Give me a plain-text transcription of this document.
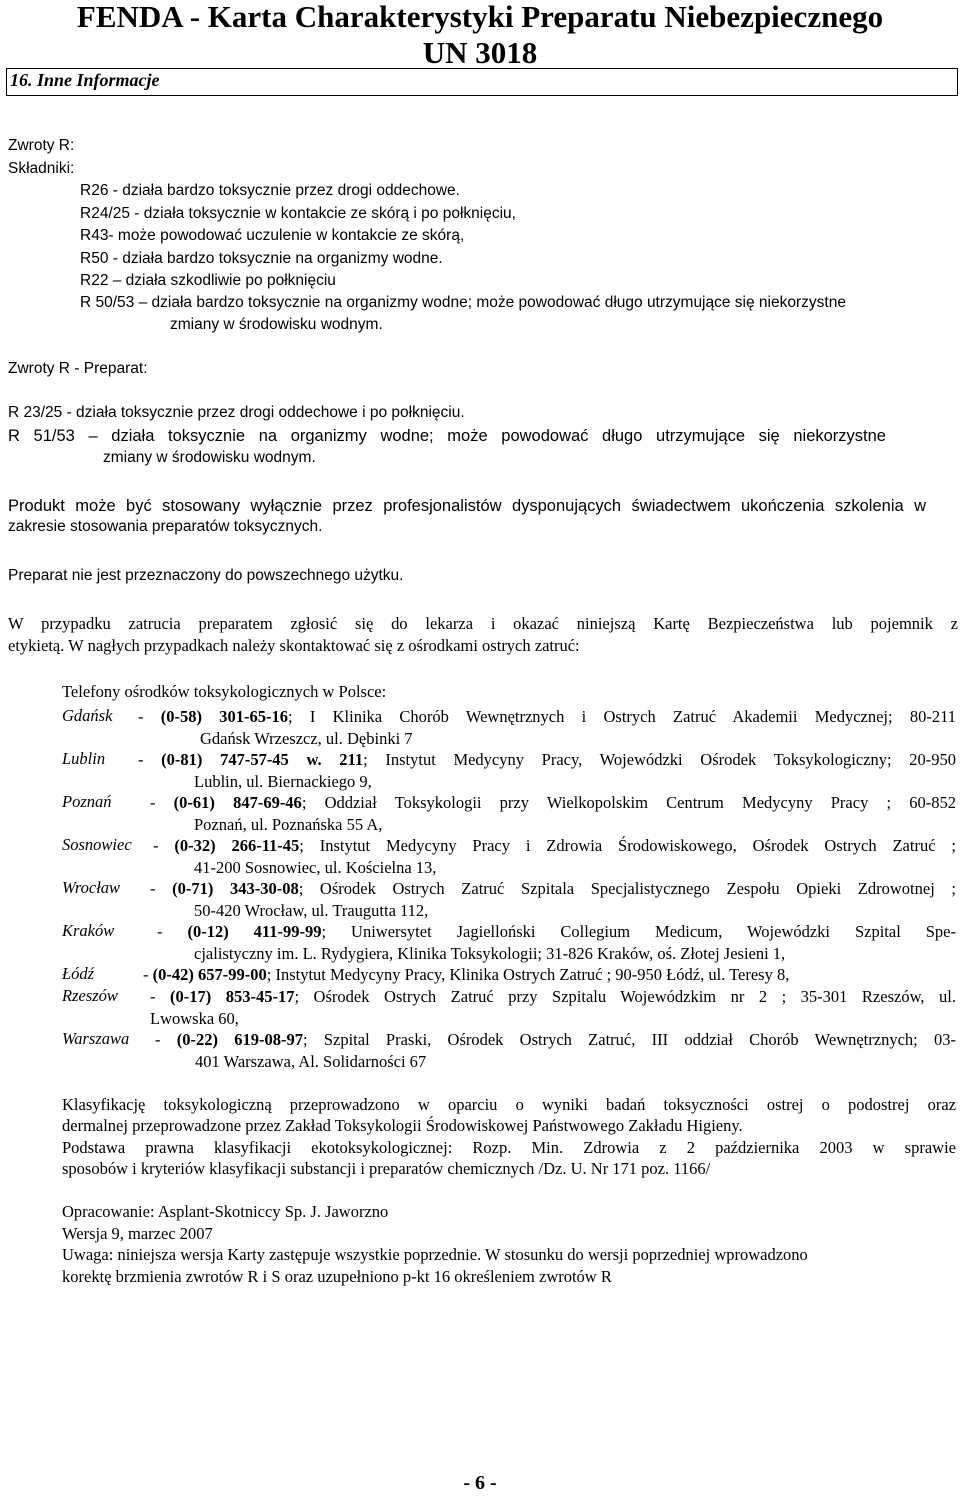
FENDA - Karta Charakterystyki Preparatu Niebezpiecznego
UN 3018
16. Inne Informacje
Zwroty R:
Składniki:
R26 - działa bardzo toksycznie przez drogi oddechowe.
R24/25 - działa toksycznie w kontakcie ze skórą i po połknięciu,
R43- może powodować uczulenie w kontakcie ze skórą,
R50 - działa bardzo toksycznie na organizmy wodne.
R22 – działa szkodliwie po połknięciu
R 50/53 – działa bardzo toksycznie na organizmy wodne; może powodować długo utrzymujące się niekorzystne
zmiany w środowisku wodnym.
Zwroty R - Preparat:
R 23/25 - działa toksycznie przez drogi oddechowe i po połknięciu.
R 51/53 – działa toksycznie na organizmy wodne; może powodować długo utrzymujące się niekorzystne
zmiany w środowisku wodnym.
Produkt może być stosowany wyłącznie przez profesjonalistów dysponujących świadectwem ukończenia szkolenia w
zakresie stosowania preparatów toksycznych.
Preparat nie jest przeznaczony do powszechnego użytku.
W przypadku zatrucia preparatem zgłosić się do lekarza i okazać niniejszą Kartę Bezpieczeństwa lub pojemnik z
etykietą. W nagłych przypadkach należy skontaktować się z ośrodkami ostrych zatruć:
Telefony ośrodków toksykologicznych w Polsce:
Gdańsk - (0-58) 301-65-16; I Klinika Chorób Wewnętrznych i Ostrych Zatruć Akademii Medycznej; 80-211
Gdańsk Wrzeszcz, ul. Dębinki 7
Lublin - (0-81) 747-57-45 w. 211; Instytut Medycyny Pracy, Wojewódzki Ośrodek Toksykologiczny; 20-950
Lublin, ul. Biernackiego 9,
Poznań - (0-61) 847-69-46; Oddział Toksykologii przy Wielkopolskim Centrum Medycyny Pracy ; 60-852
Poznań, ul. Poznańska 55 A,
Sosnowiec - (0-32) 266-11-45; Instytut Medycyny Pracy i Zdrowia Środowiskowego, Ośrodek Ostrych Zatruć ;
41-200 Sosnowiec, ul. Kościelna 13,
Wrocław - (0-71) 343-30-08; Ośrodek Ostrych Zatruć Szpitala Specjalistycznego Zespołu Opieki Zdrowotnej ;
50-420 Wrocław, ul. Traugutta 112,
Kraków	- (0-12) 411-99-99; Uniwersytet Jagielloński Collegium Medicum, Wojewódzki Szpital Spe-
cjalistyczny im. L. Rydygiera, Klinika Toksykologii; 31-826 Kraków, oś. Złotej Jesieni 1,
Łódź	- (0-42) 657-99-00; Instytut Medycyny Pracy, Klinika Ostrych Zatruć ; 90-950 Łódź, ul. Teresy 8,
Rzeszów - (0-17) 853-45-17; Ośrodek Ostrych Zatruć przy Szpitalu Wojewódzkim nr 2 ; 35-301 Rzeszów, ul.
Lwowska 60,
Warszawa - (0-22) 619-08-97; Szpital Praski, Ośrodek Ostrych Zatruć, III oddział Chorób Wewnętrznych; 03-
401 Warszawa, Al. Solidarności 67
Klasyfikację toksykologiczną przeprowadzono w oparciu o wyniki badań toksyczności ostrej o podostrej oraz
dermalnej przeprowadzone przez Zakład Toksykologii Środowiskowej Państwowego Zakładu Higieny.
Podstawa prawna klasyfikacji ekotoksykologicznej: Rozp. Min. Zdrowia z 2 października 2003 w sprawie
sposobów i kryteriów klasyfikacji substancji i preparatów chemicznych /Dz. U. Nr 171 poz. 1166/
Opracowanie: Asplant-Skotniccy Sp. J. Jaworzno
Wersja 9, marzec 2007
Uwaga: niniejsza wersja Karty zastępuje wszystkie poprzednie. W stosunku do wersji poprzedniej wprowadzono
korektę brzmienia zwrotów R i S oraz uzupełniono p-kt 16 określeniem zwrotów R
- 6 -
